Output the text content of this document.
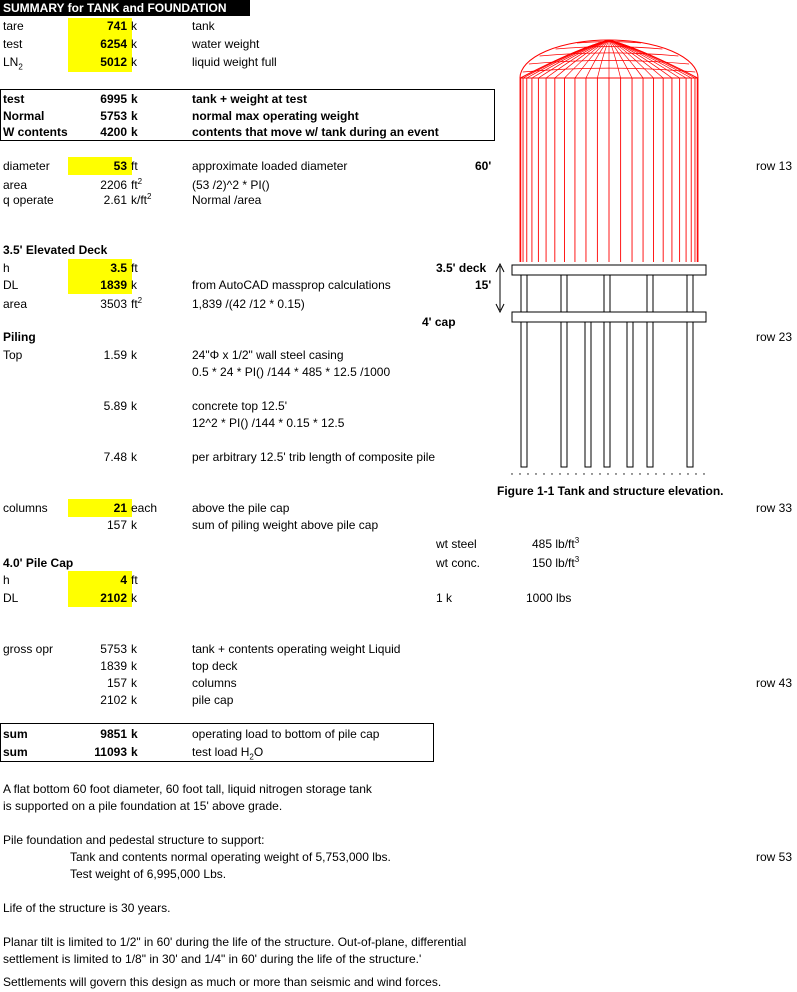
SUMMARY for TANK and FOUNDATION
tare	741 k	tank
test	6254 k	water weight
$LN_2$	5012 k	liquid weight full
test	6995 k	tank + weight at test
Normal	5753 k	normal max operating weight
W contents	4200 k	contents that move w/ tank during an event
diameter	53 ft	approximate loaded diameter	60'
area	2206 $ft^2$	(53 /2)^2 * PI()
q operate	2.61 $k/ft^2$	Normal /area
3.5' Elevated Deck
h	3.5 ft
DL	1839 k	from AutoCAD massprop calculations
area	3503 $ft^2$	1,839 /(42 /12 * 0.15)
Piling
Top	1.59 k	24"Φ x 1/2" wall steel casing
0.5 * 24 * PI() /144 * 485 * 12.5 /1000
5.89 k	concrete top 12.5'
12^2 * PI() /144 * 0.15 * 12.5
7.48 k	per arbitrary 12.5' trib length of composite pile
columns	21 each	above the pile cap
157 k	sum of piling weight above pile cap
wt steel	485 $lb/ft^3$
wt conc.	150 $lb/ft^3$
1 k	1000 lbs
4.0' Pile Cap
h	4 ft
DL	2102 k
gross opr	5753 k	tank + contents operating weight Liquid
1839 k	top deck
157 k	columns
2102 k	pile cap
sum	9851 k	operating load to bottom of pile cap
sum	11093 k	test load $H_2O$
row 13
row 23
row 33
row 43
row 53
A flat bottom 60 foot diameter, 60 foot tall, liquid nitrogen storage tank
is supported on a pile foundation at 15' above grade.
Pile foundation and pedestal structure to support:
Tank and contents normal operating weight of 5,753,000 lbs.
Test weight of 6,995,000 Lbs.
Life of the structure is 30 years.
Planar tilt is limited to 1/2" in 60' during the life of the structure. Out-of-plane, differential
settlement is limited to 1/8" in 30' and 1/4" in 60' during the life of the structure.'
Settlements will govern this design as much or more than seismic and wind forces.
3.5' deck
15'
4' cap
Figure 1-1 Tank and structure elevation.
